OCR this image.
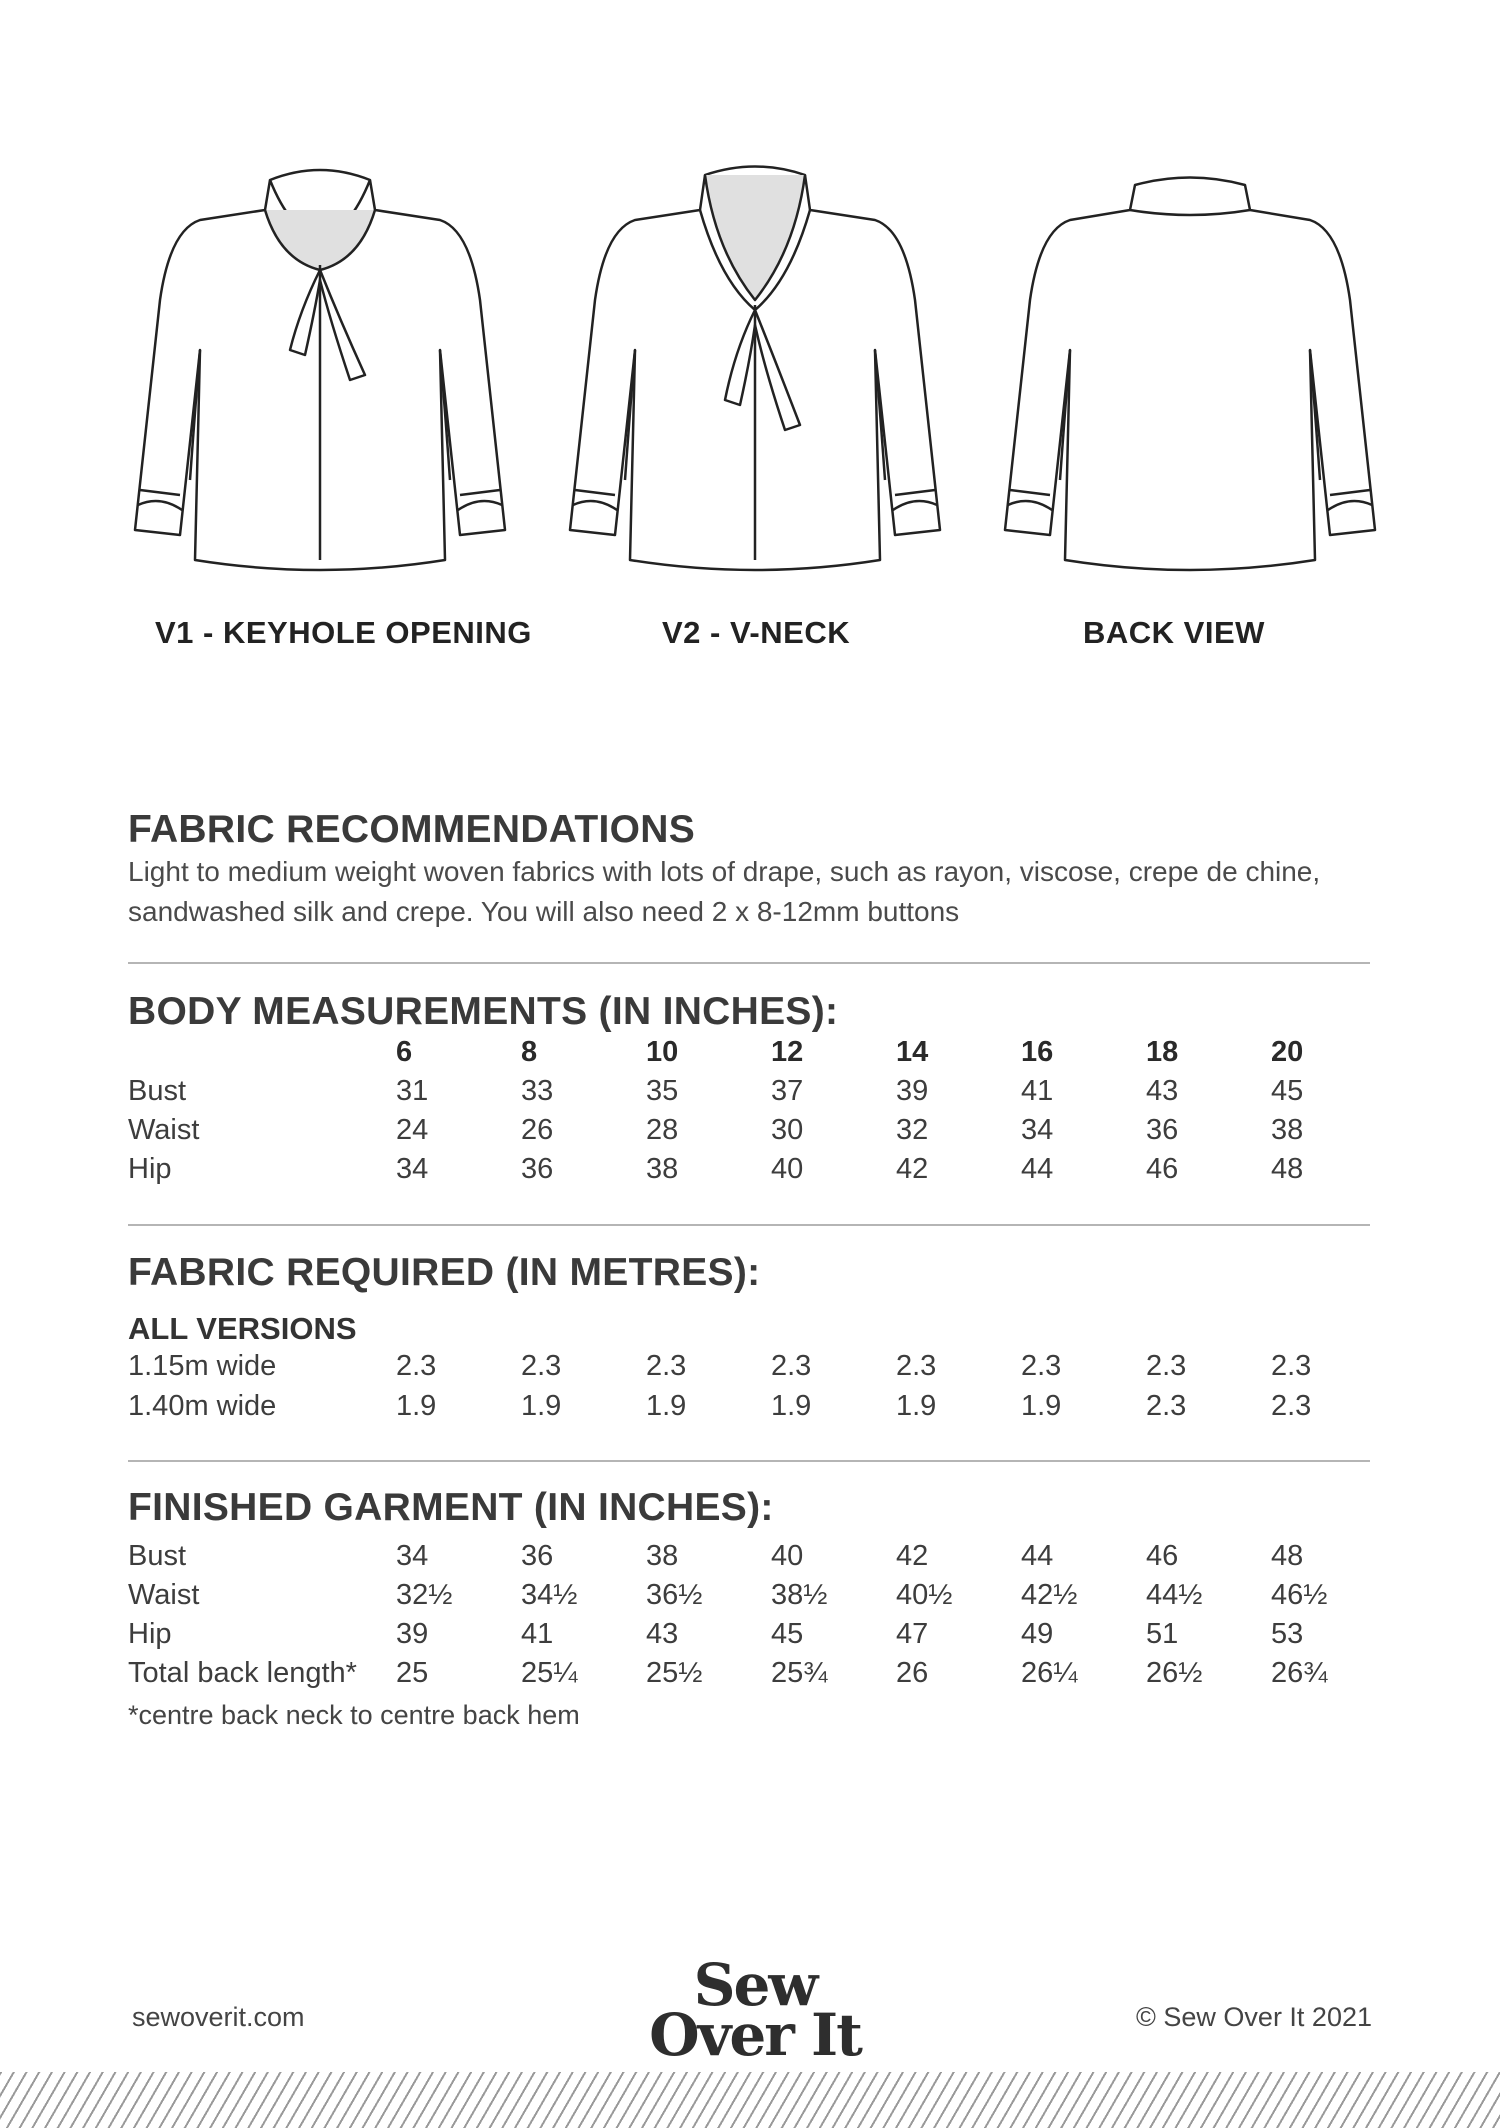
V1 - KEYHOLE OPENING	V2 - V-NECK	BACK VIEW
FABRIC RECOMMENDATIONS
Light to medium weight woven fabrics with lots of drape, such as rayon, viscose, crepe de chine,
sandwashed silk and crepe. You will also need 2 x 8-12mm buttons
BODY MEASUREMENTS (IN INCHES):
6	8	10	12	14	16	18	20
Bust	31	33	35	37	39	41	43	45
Waist	24	26	28	30	32	34	36	38
Hip	34	36	38	40	42	44	46	48
FABRIC REQUIRED (IN METRES):
ALL VERSIONS
1.15m wide	2.3	2.3	2.3	2.3	2.3	2.3	2.3	2.3
1.40m wide	1.9	1.9	1.9	1.9	1.9	1.9	2.3	2.3
FINISHED GARMENT (IN INCHES):
Bust	34	36	38	40	42	44	46	48
Waist	32½ 34½ 36½ 38½ 40½ 42½ 44½ 46½
Hip	39	41	43	45	47	49	51	53
Total back length* 25	25¼ 25½ 25¾ 26	26¼ 26½ 26¾
*centre back neck to centre back hem
sewoverit.com	Sew
Over It	© Sew Over It 2021
